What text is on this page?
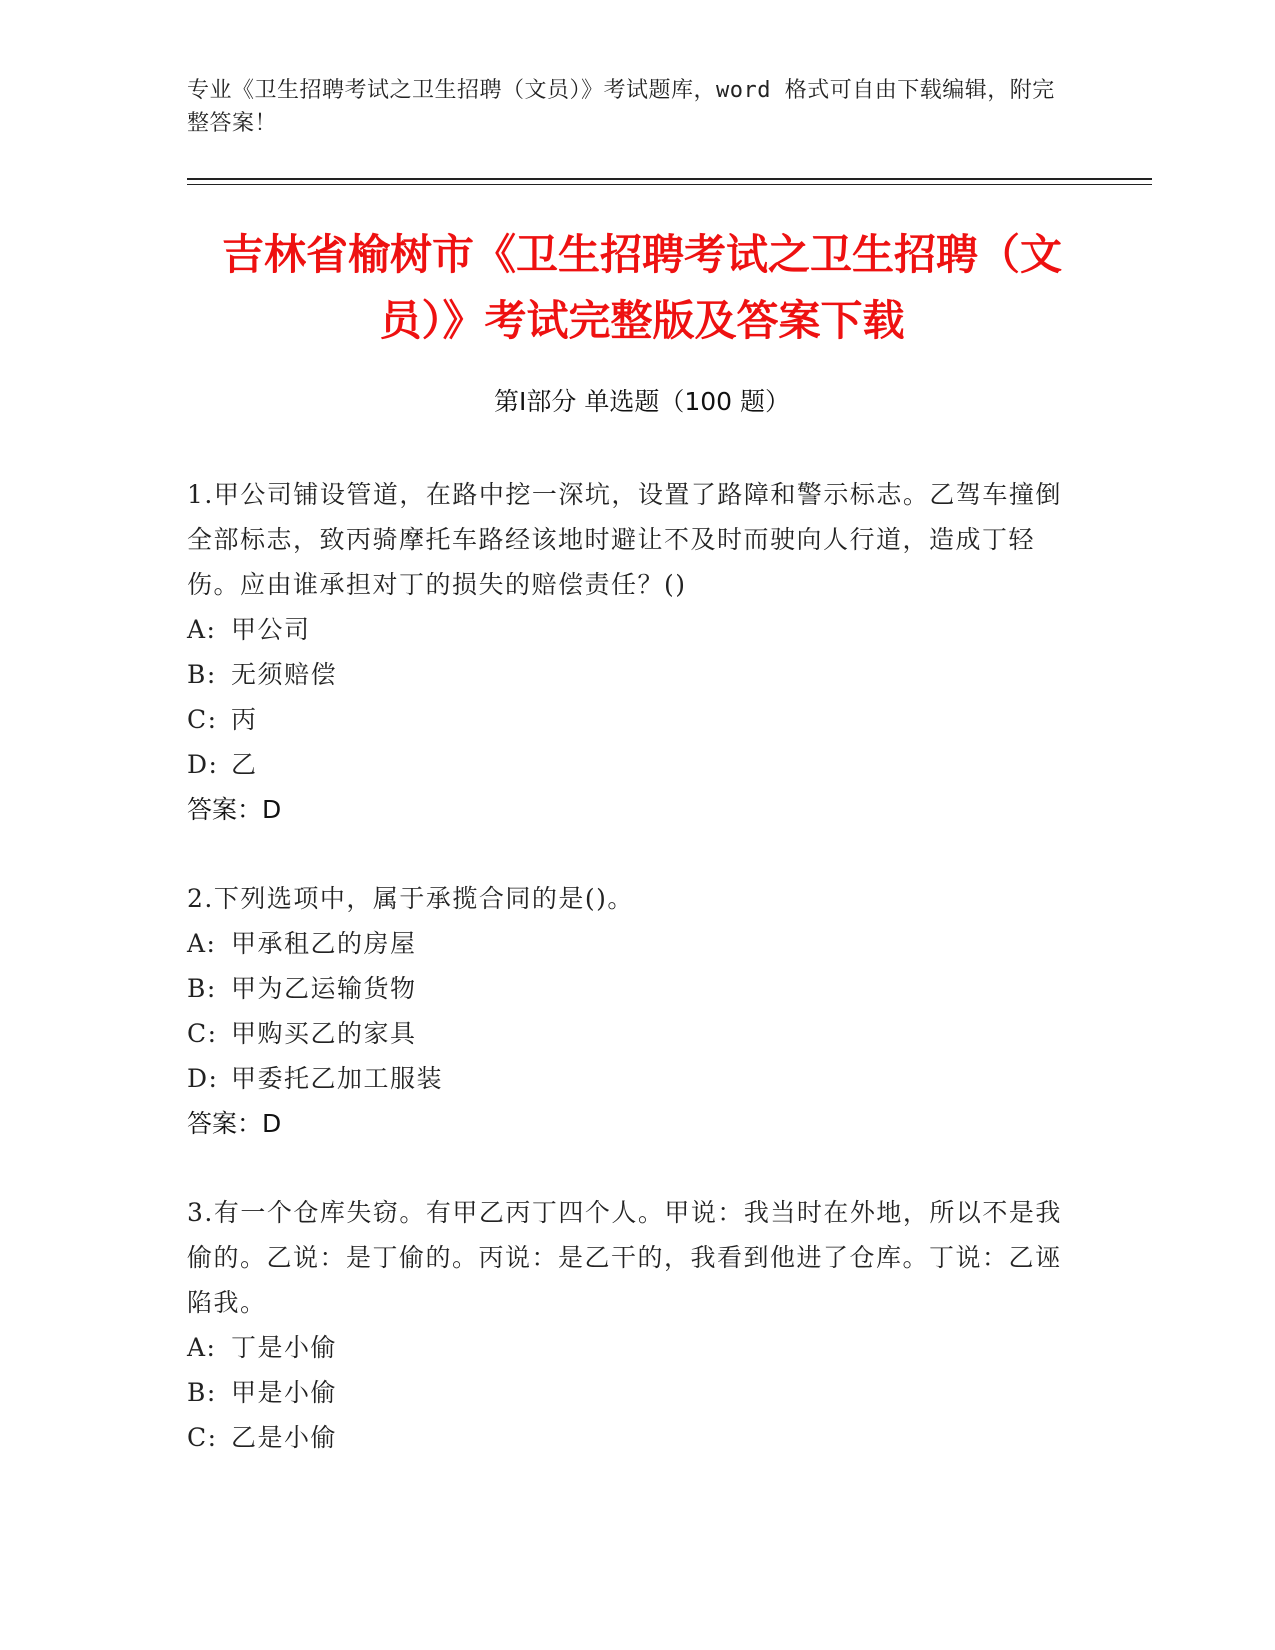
专业《卫生招聘考试之卫生招聘（文员）》考试题库，word 格式可自由下载编辑，附完整答案！
吉林省榆树市《卫生招聘考试之卫生招聘（文员）》考试完整版及答案下载
第Ⅰ部分 单选题（100 题）
1.甲公司铺设管道，在路中挖一深坑，设置了路障和警示标志。乙驾车撞倒全部标志，致丙骑摩托车路经该地时避让不及时而驶向人行道，造成丁轻伤。应由谁承担对丁的损失的赔偿责任？()
A: 甲公司
B: 无须赔偿
C: 丙
D: 乙
答案：D
2.下列选项中，属于承揽合同的是()。
A: 甲承租乙的房屋
B: 甲为乙运输货物
C: 甲购买乙的家具
D: 甲委托乙加工服装
答案：D
3.有一个仓库失窃。有甲乙丙丁四个人。甲说：我当时在外地，所以不是我偷的。乙说：是丁偷的。丙说：是乙干的，我看到他进了仓库。丁说：乙诬陷我。
A: 丁是小偷
B: 甲是小偷
C: 乙是小偷
